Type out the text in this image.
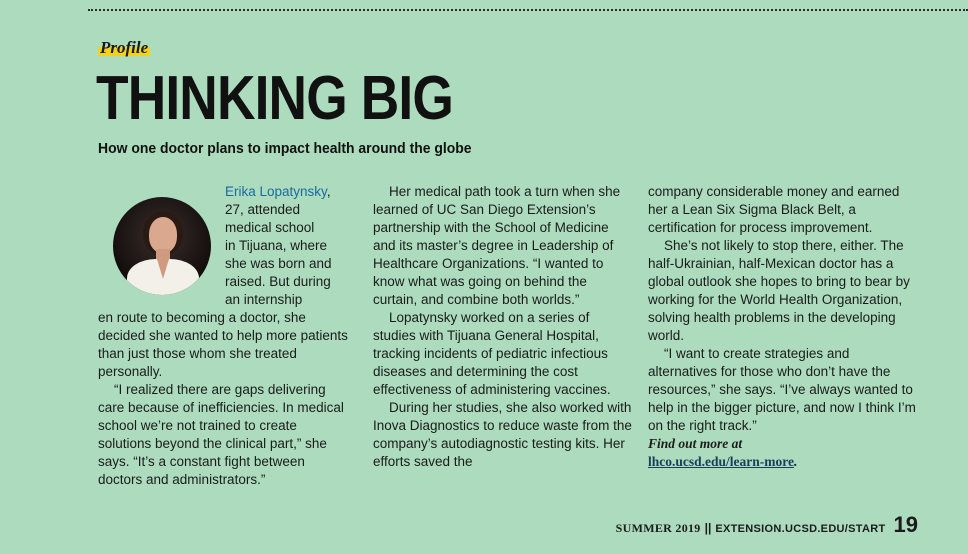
Profile
THINKING BIG
How one doctor plans to impact health around the globe
Erika Lopatynsky,
27, attended
medical school
in Tijuana, where
she was born and
raised. But during
an internship

en route to becoming a doctor, she decided she wanted to help more patients than just those whom she treated personally.

“I realized there are gaps delivering care because of inefficiencies. In medical school we’re not trained to create solutions beyond the clinical part,” she says. “It’s a constant fight between doctors and administrators.”

Her medical path took a turn when she learned of UC San Diego Extension’s partnership with the School of Medicine and its master’s degree in Leadership of Healthcare Organizations. “I wanted to know what was going on behind the curtain, and combine both worlds.”

Lopatynsky worked on a series of studies with Tijuana General Hospital, tracking incidents of pediatric infectious diseases and determining the cost effectiveness of administering vaccines.

During her studies, she also worked with Inova Diagnostics to reduce waste from the company’s autodiagnostic testing kits. Her efforts saved the

company considerable money and earned her a Lean Six Sigma Black Belt, a certification for process improvement.

She’s not likely to stop there, either. The half-Ukrainian, half-Mexican doctor has a global outlook she hopes to bring to bear by working for the World Health Organization, solving health problems in the developing world.

“I want to create strategies and alternatives for those who don’t have the resources,” she says. “I’ve always wanted to help in the bigger picture, and now I think I’m on the right track.”

Find out more at
lhco.ucsd.edu/learn-more.

SUMMER 2019 || EXTENSION.UCSD.EDU/START 19
